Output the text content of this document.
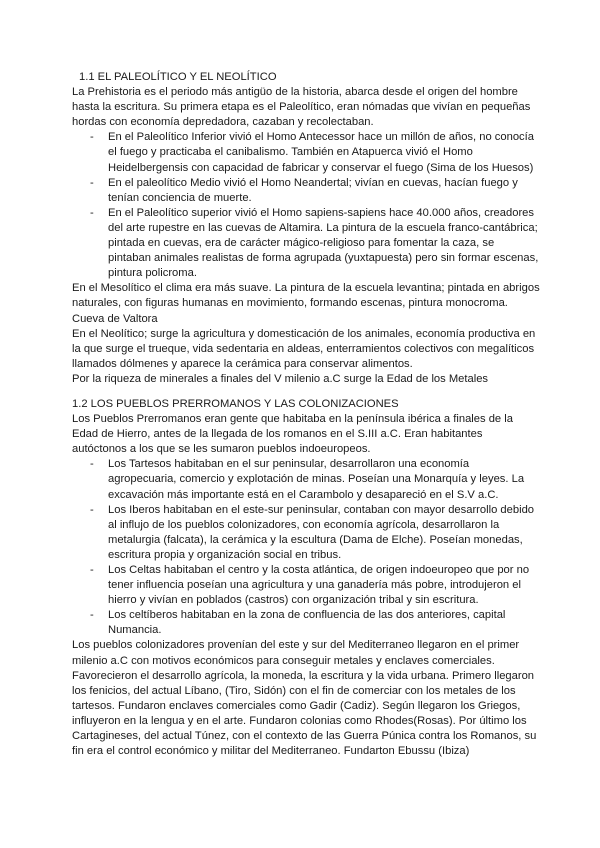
1.1 EL PALEOLÍTICO Y EL NEOLÍTICO

La Prehistoria es el periodo más antigüo de la historia, abarca desde el origen del hombre hasta la escritura. Su primera etapa es el Paleolítico, eran nómadas que vivían en pequeñas hordas con economía depredadora, cazaban y recolectaban.

- En el Paleolítico Inferior vivió el Homo Antecessor hace un millón de años, no conocía el fuego y practicaba el canibalismo. También en Atapuerca vivió el Homo Heidelbergensis con capacidad de fabricar y conservar el fuego (Sima de los Huesos)
- En el paleolítico Medio vivió el Homo Neandertal; vivían en cuevas, hacían fuego y tenían conciencia de muerte.
- En el Paleolítico superior vivió el Homo sapiens-sapiens hace 40.000 años, creadores del arte rupestre en las cuevas de Altamira. La pintura de la escuela franco-cantábrica; pintada en cuevas, era de carácter mágico-religioso para fomentar la caza, se pintaban animales realistas de forma agrupada (yuxtapuesta) pero sin formar escenas, pintura policroma.

En el Mesolítico el clima era más suave. La pintura de la escuela levantina; pintada en abrigos naturales, con figuras humanas en movimiento, formando escenas, pintura monocroma. Cueva de Valtora

En el Neolítico; surge la agricultura y domesticación de los animales, economía productiva en la que surge el trueque, vida sedentaria en aldeas, enterramientos colectivos con megalíticos llamados dólmenes y aparece la cerámica para conservar alimentos.

Por la riqueza de minerales a finales del V milenio a.C surge la Edad de los Metales

1.2 LOS PUEBLOS PRERROMANOS Y LAS COLONIZACIONES

Los Pueblos Prerromanos eran gente que habitaba en la península ibérica a finales de la Edad de Hierro, antes de la llegada de los romanos en el S.III a.C. Eran habitantes autóctonos a los que se les sumaron pueblos indoeuropeos.

- Los Tartesos habitaban en el sur peninsular, desarrollaron una economía agropecuaria, comercio y explotación de minas. Poseían una Monarquía y leyes. La excavación más importante está en el Carambolo y desapareció en el S.V a.C.
- Los Iberos habitaban en el este-sur peninsular, contaban con mayor desarrollo debido al influjo de los pueblos colonizadores, con economía agrícola, desarrollaron la metalurgia (falcata), la cerámica y la escultura (Dama de Elche). Poseían monedas, escritura propia y organización social en tribus.
- Los Celtas habitaban el centro y la costa atlántica, de origen indoeuropeo que por no tener influencia poseían una agricultura y una ganadería más pobre, introdujeron el hierro y vivían en poblados (castros) con organización tribal y sin escritura.
- Los celtíberos habitaban en la zona de confluencia de las dos anteriores, capital Numancia.

Los pueblos colonizadores provenían del este y sur del Mediterraneo llegaron en el primer milenio a.C con motivos económicos para conseguir metales y enclaves comerciales. Favorecieron el desarrollo agrícola, la moneda, la escritura y la vida urbana. Primero llegaron los fenicios, del actual Líbano, (Tiro, Sidón) con el fin de comerciar con los metales de los tartesos. Fundaron enclaves comerciales como Gadir (Cadiz). Según llegaron los Griegos, influyeron en la lengua y en el arte. Fundaron colonias como Rhodes(Rosas). Por último los Cartagineses, del actual Túnez, con el contexto de las Guerra Púnica contra los Romanos, su fin era el control económico y militar del Mediterraneo. Fundarton Ebussu (Ibiza)
